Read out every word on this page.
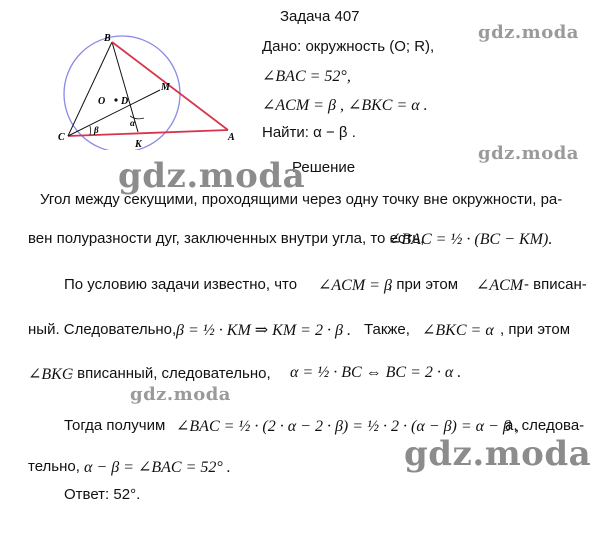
Задача 407
B
M
O D
C
K
A
β
α
Дано: окружность (O; R),
∠BAC = 52°,
∠ACM = β , ∠BKC = α .
Найти: α − β .
Решение
Угол между секущими, проходящими через одну точку вне окружности, ра-
вен полуразности дуг, заключенных внутри угла, то есть,
∠BAC = ½ · (BC − KM).
По условию задачи известно, что ∠ACM = β
, при этом ∠ACM - вписан-
ный. Следовательно, β = ½ · KM ⇒ KM = 2 · β . Также, ∠BKC = α , при этом
∠BKC
- вписанный, следовательно, α = ½ · BC ⇔ BC = 2 · α .
Тогда получим ∠BAC = ½ · (2 · α − 2 · β) = ½ · 2 · (α − β) = α − β ,
а, следова-
тельно, α − β = ∠BAC = 52° .
Ответ: 52°.
gdz.moda
gdz.moda
gdz.moda
gdz.moda
gdz.moda
